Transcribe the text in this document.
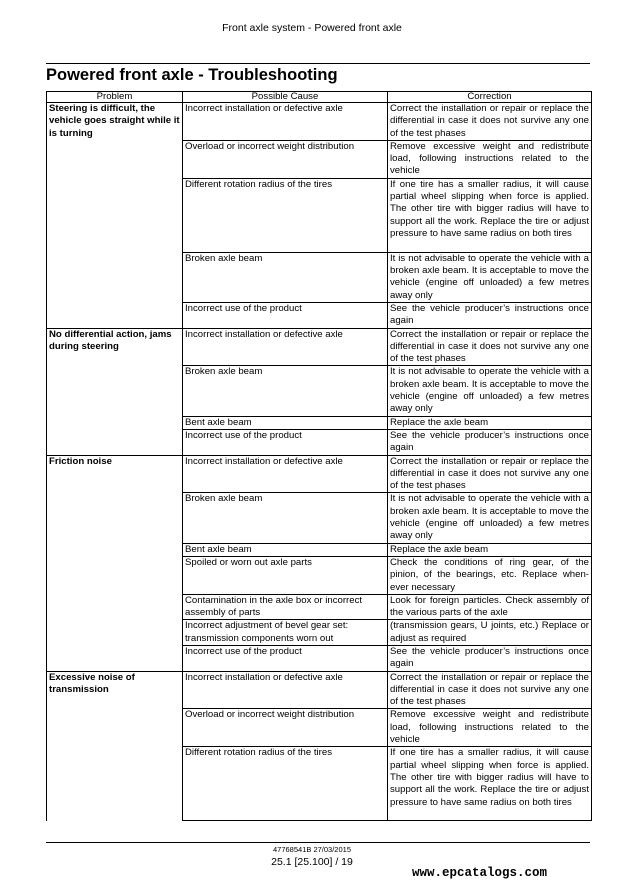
Front axle system - Powered front axle
Powered front axle - Troubleshooting
Problem	Possible Cause	Correction
Steering is difficult, the vehicle goes straight while it is turning	Incorrect installation or defective axle	Correct the installation or repair or replace the differential in case it does not survive any one of the test phases
	Overload or incorrect weight distribution	Remove excessive weight and redistribute load, following instructions related to the vehicle
	Different rotation radius of the tires	If one tire has a smaller radius, it will cause partial wheel slipping when force is applied. The other tire with bigger radius will have to support all the work. Replace the tire or adjust pressure to have same radius on both tires
	Broken axle beam	It is not advisable to operate the vehicle with a broken axle beam. It is acceptable to move the vehicle (engine off unloaded) a few metres away only
	Incorrect use of the product	See the vehicle producer’s instructions once again
No differential action, jams during steering	Incorrect installation or defective axle	Correct the installation or repair or replace the differential in case it does not survive any one of the test phases
	Broken axle beam	It is not advisable to operate the vehicle with a broken axle beam. It is acceptable to move the vehicle (engine off unloaded) a few metres away only
	Bent axle beam	Replace the axle beam
	Incorrect use of the product	See the vehicle producer’s instructions once again
Friction noise	Incorrect installation or defective axle	Correct the installation or repair or replace the differential in case it does not survive any one of the test phases
	Broken axle beam	It is not advisable to operate the vehicle with a broken axle beam. It is acceptable to move the vehicle (engine off unloaded) a few metres away only
	Bent axle beam	Replace the axle beam
	Spoiled or worn out axle parts	Check the conditions of ring gear, of the pinion, of the bearings, etc. Replace when-ever necessary
	Contamination in the axle box or incorrect assembly of parts	Look for foreign particles. Check assembly of the various parts of the axle
	Incorrect adjustment of bevel gear set: transmission components worn out	(transmission gears, U joints, etc.) Replace or adjust as required
	Incorrect use of the product	See the vehicle producer’s instructions once again
Excessive noise of transmission	Incorrect installation or defective axle	Correct the installation or repair or replace the differential in case it does not survive any one of the test phases
	Overload or incorrect weight distribution	Remove excessive weight and redistribute load, following instructions related to the vehicle
	Different rotation radius of the tires	If one tire has a smaller radius, it will cause partial wheel slipping when force is applied. The other tire with bigger radius will have to support all the work. Replace the tire or adjust pressure to have same radius on both tires
47768541B 27/03/2015
25.1 [25.100] / 19
www.epcatalogs.com
